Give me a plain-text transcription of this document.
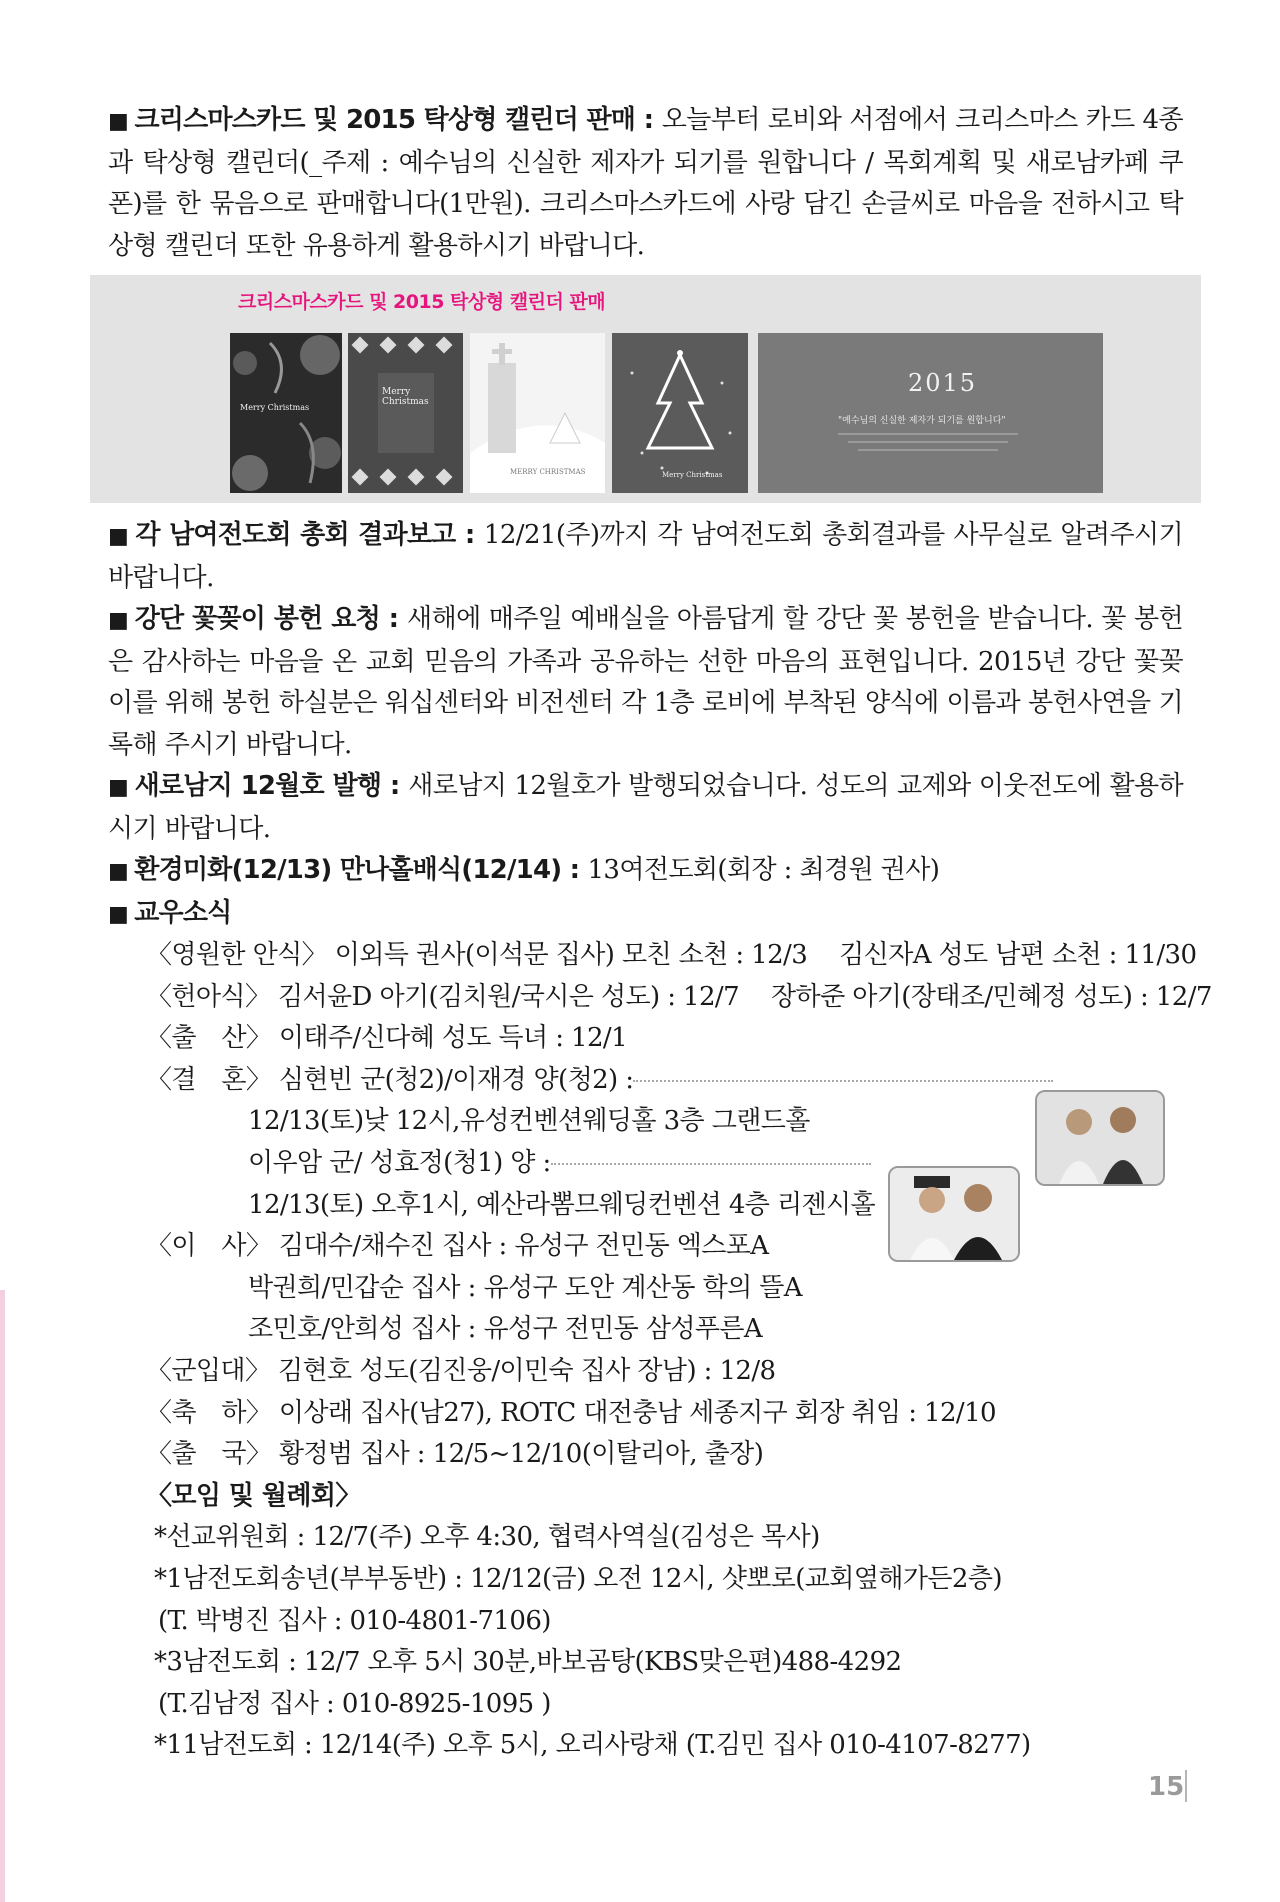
■ 크리스마스카드 및 2015 탁상형 캘린더 판매 : 오늘부터 로비와 서점에서 크리스마스 카드 4종과 탁상형 캘린더(_주제 : 예수님의 신실한 제자가 되기를 원합니다 / 목회계획 및 새로남카페 쿠폰)를 한 묶음으로 판매합니다(1만원). 크리스마스카드에 사랑 담긴 손글씨로 마음을 전하시고 탁상형 캘린더 또한 유용하게 활용하시기 바랍니다.

크리스마스카드 및 2015 탁상형 캘린더 판매
Merry Christmas
Merry Christmas
MERRY CHRISTMAS	Merry Christmas
2015
"예수님의 신실한 제자가 되기를 원합니다"

■ 각 남여전도회 총회 결과보고 : 12/21(주)까지 각 남여전도회 총회결과를 사무실로 알려주시기 바랍니다.

■ 강단 꽃꽂이 봉헌 요청 : 새해에 매주일 예배실을 아름답게 할 강단 꽃 봉헌을 받습니다. 꽃 봉헌은 감사하는 마음을 온 교회 믿음의 가족과 공유하는 선한 마음의 표현입니다. 2015년 강단 꽃꽂이를 위해 봉헌 하실분은 워십센터와 비전센터 각 1층 로비에 부착된 양식에 이름과 봉헌사연을 기록해 주시기 바랍니다.

■ 새로남지 12월호 발행 : 새로남지 12월호가 발행되었습니다. 성도의 교제와 이웃전도에 활용하시기 바랍니다.

■ 환경미화(12/13) 만나홀배식(12/14) : 13여전도회(회장 : 최경원 권사)

■ 교우소식

〈영원한 안식〉 이외득 권사(이석문 집사) 모친 소천 : 12/3 김신자A 성도 남편 소천 : 11/30

〈헌아식〉 김서윤D 아기(김치원/국시은 성도) : 12/7 장하준 아기(장태조/민혜정 성도) : 12/7

〈출　산〉 이태주/신다혜 성도 득녀 : 12/1

〈결　혼〉 심현빈 군(청2)/이재경 양(청2) :

12/13(토)낮 12시,유성컨벤션웨딩홀 3층 그랜드홀

이우암 군/ 성효정(청1) 양 :

12/13(토) 오후1시, 예산라뽐므웨딩컨벤션 4층 리젠시홀

〈이　사〉 김대수/채수진 집사 : 유성구 전민동 엑스포A

박권희/민갑순 집사 : 유성구 도안 계산동 학의 뜰A

조민호/안희성 집사 : 유성구 전민동 삼성푸른A

〈군입대〉 김현호 성도(김진웅/이민숙 집사 장남) : 12/8

〈축　하〉 이상래 집사(남27), ROTC 대전충남 세종지구 회장 취임 : 12/10

〈출　국〉 황정범 집사 : 12/5~12/10(이탈리아, 출장)

〈모임 및 월례회〉

*선교위원회 : 12/7(주) 오후 4:30, 협력사역실(김성은 목사)

*1남전도회송년(부부동반) : 12/12(금) 오전 12시, 샷뽀로(교회옆해가든2층)

(T. 박병진 집사 : 010-4801-7106)

*3남전도회 : 12/7 오후 5시 30분,바보곰탕(KBS맞은편)488-4292

(T.김남정 집사 : 010-8925-1095 )

*11남전도회 : 12/14(주) 오후 5시, 오리사랑채 (T.김민 집사 010-4107-8277)

15
